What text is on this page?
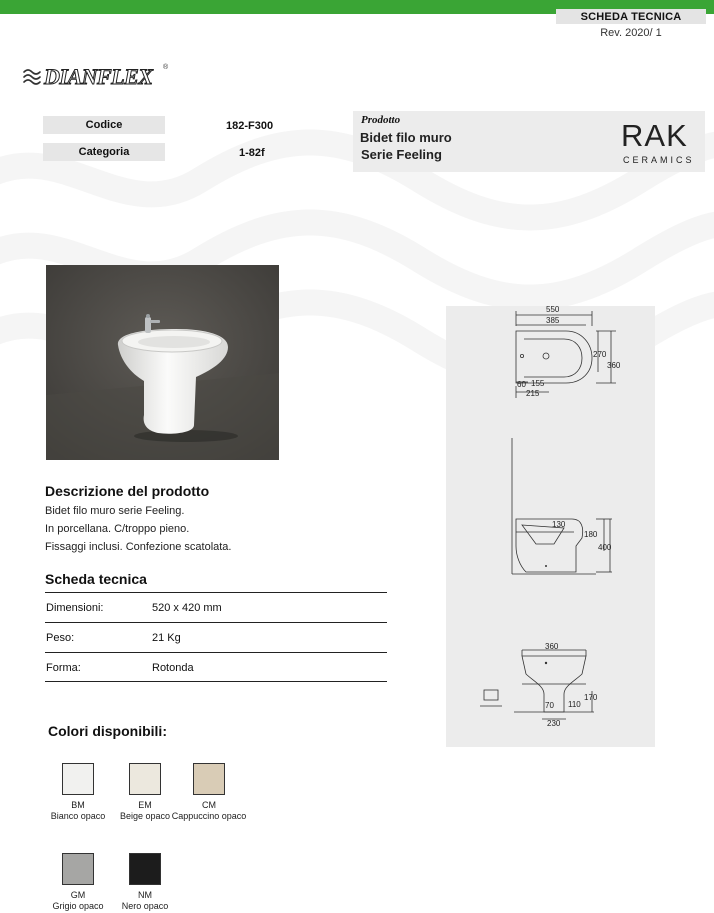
SCHEDA TECNICA
Rev. 2020/ 1
DIANFLEX ®
Codice	182-F300
Categoria	1-82f
Prodotto
Bidet filo muro
Serie Feeling
RAK
CERAMICS
Descrizione del prodotto
Bidet filo muro serie Feeling.
In porcellana. C/troppo pieno.
Fissaggi inclusi. Confezione scatolata.
Scheda tecnica
Dimensioni:	520 x 420 mm
Peso:	21 Kg
Forma:	Rotonda
Colori disponibili:
BM
Bianco opaco
EM
Beige opaco
CM
Cappuccino opaco
GM
Grigio opaco
NM
Nero opaco
550
385
270
360
60 155
215
130
180
400
360
170
110
70
230
